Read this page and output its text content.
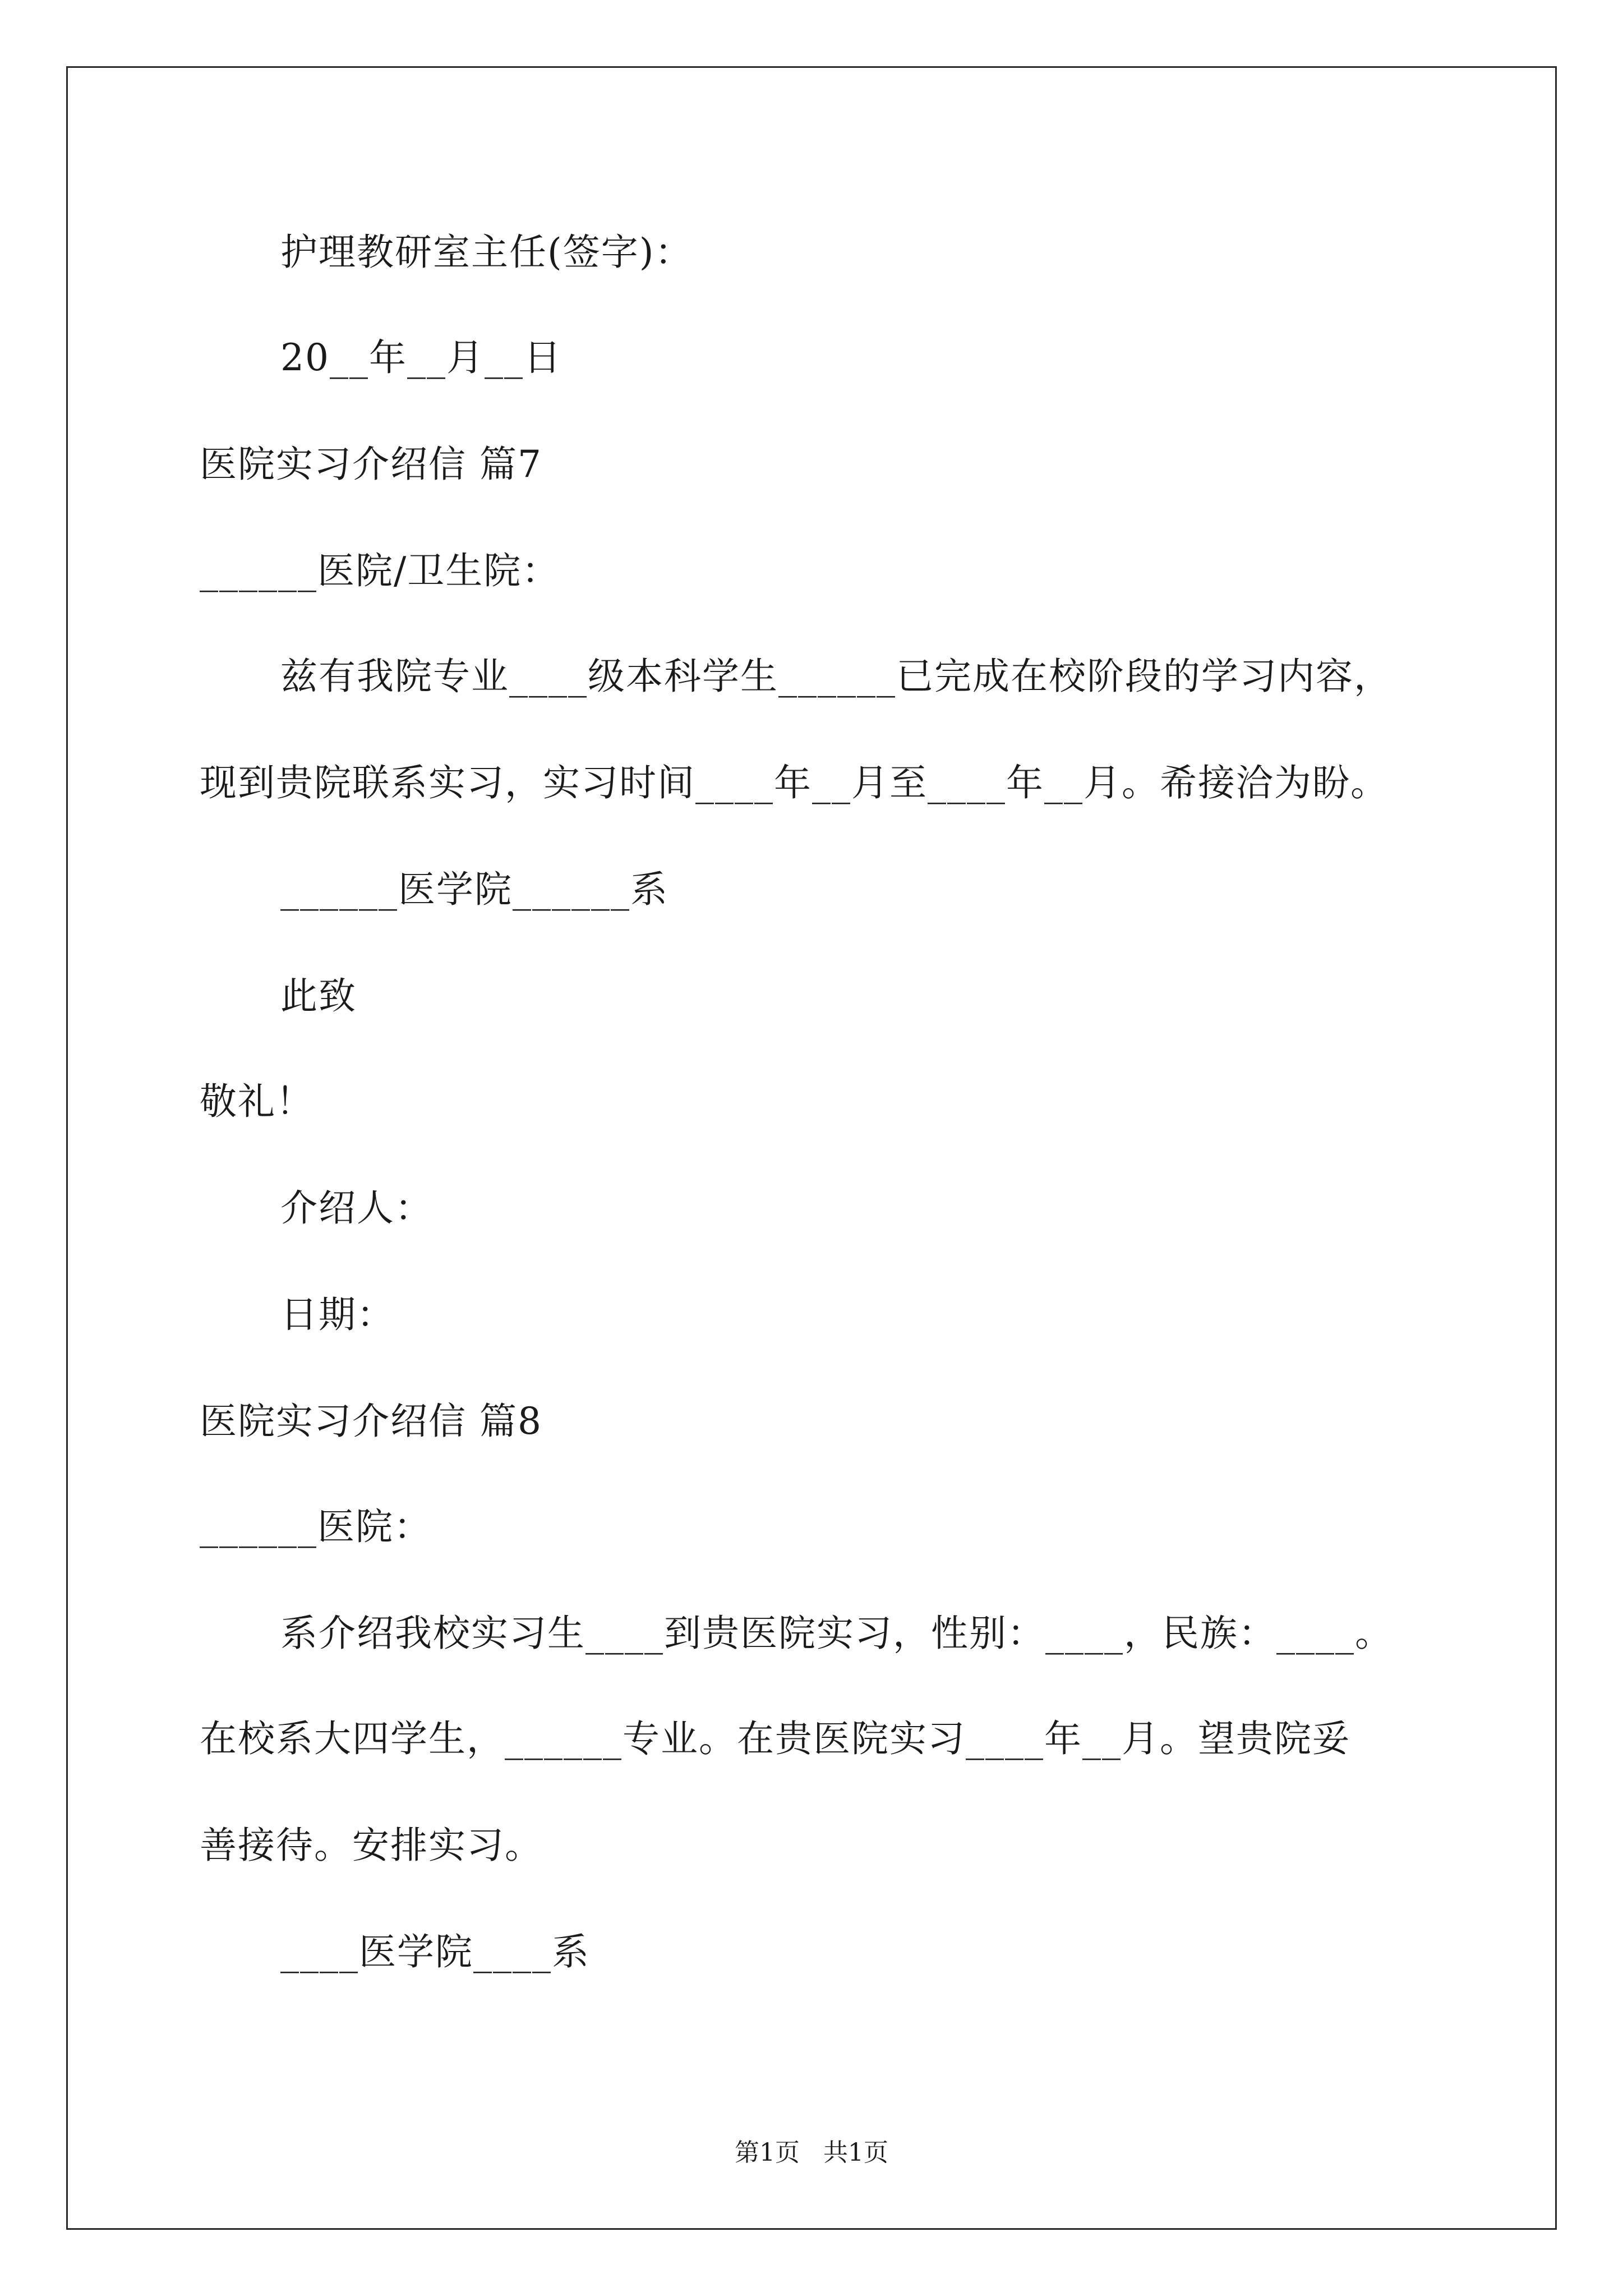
护理教研室主任(签字)：
20__年__月__日
医院实习介绍信 篇7
______医院/卫生院：
兹有我院专业____级本科学生______已完成在校阶段的学习内容，
现到贵院联系实习，实习时间____年__月至____年__月。希接洽为盼。
______医学院______系
此致
敬礼！
介绍人：
日期：
医院实习介绍信 篇8
______医院：
系介绍我校实习生____到贵医院实习，性别：____，民族：____。
在校系大四学生，______专业。在贵医院实习____年__月。望贵院妥
善接待。安排实习。
____医学院____系
第1页   共1页
